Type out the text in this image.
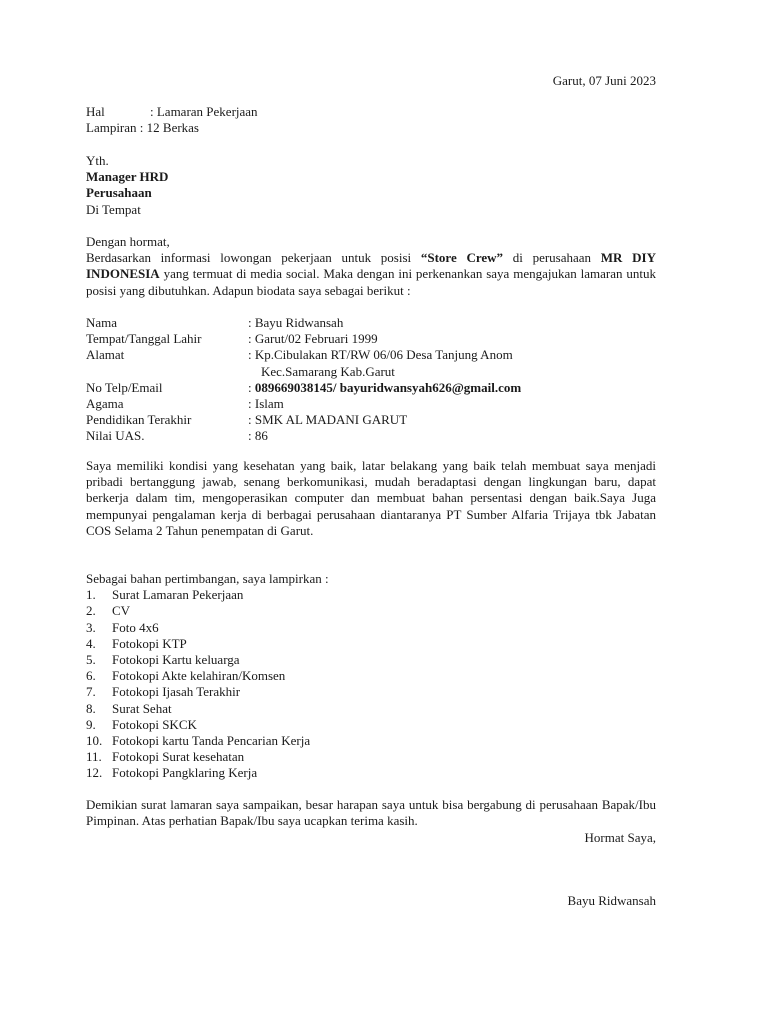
Garut, 07 Juni 2023
Hal	: Lamaran Pekerjaan
Lampiran : 12 Berkas
Yth.
Manager HRD
Perusahaan
Di Tempat
Dengan hormat,
Berdasarkan informasi lowongan pekerjaan untuk posisi “Store Crew” di perusahaan MR DIY INDONESIA yang termuat di media social. Maka dengan ini perkenankan saya mengajukan lamaran untuk posisi yang dibutuhkan. Adapun biodata saya sebagai berikut :
Nama	: Bayu Ridwansah
Tempat/Tanggal Lahir	: Garut/02 Februari 1999
Alamat	: Kp.Cibulakan RT/RW 06/06 Desa Tanjung Anom
Kec.Samarang Kab.Garut
No Telp/Email	: 089669038145/ bayuridwansyah626@gmail.com
Agama	: Islam
Pendidikan Terakhir	: SMK AL MADANI GARUT
Nilai UAS.	: 86
Saya memiliki kondisi yang kesehatan yang baik, latar belakang yang baik telah membuat saya menjadi pribadi bertanggung jawab, senang berkomunikasi, mudah beradaptasi dengan lingkungan baru, dapat berkerja dalam tim, mengoperasikan computer dan membuat bahan persentasi dengan baik.Saya Juga mempunyai pengalaman kerja di berbagai perusahaan diantaranya PT Sumber Alfaria Trijaya tbk Jabatan COS Selama 2 Tahun penempatan di Garut.
Sebagai bahan pertimbangan, saya lampirkan :
1.	Surat Lamaran Pekerjaan
2.	CV
3.	Foto 4x6
4.	Fotokopi KTP
5.	Fotokopi Kartu keluarga
6.	Fotokopi Akte kelahiran/Komsen
7.	Fotokopi Ijasah Terakhir
8.	Surat Sehat
9.	Fotokopi SKCK
10. Fotokopi kartu Tanda Pencarian Kerja
11. Fotokopi Surat kesehatan
12. Fotokopi Pangklaring Kerja
Demikian surat lamaran saya sampaikan, besar harapan saya untuk bisa bergabung di perusahaan Bapak/Ibu Pimpinan. Atas perhatian Bapak/Ibu saya ucapkan terima kasih.
Hormat Saya,
Bayu Ridwansah
